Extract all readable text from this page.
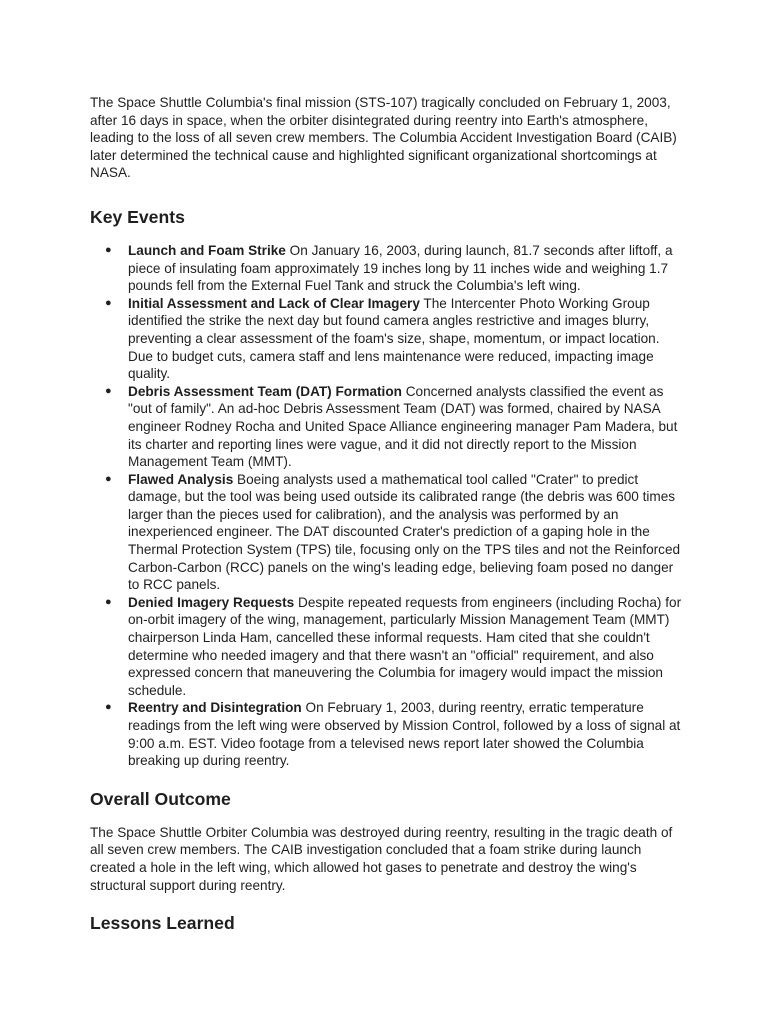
The Space Shuttle Columbia's final mission (STS-107) tragically concluded on February 1, 2003, after 16 days in space, when the orbiter disintegrated during reentry into Earth's atmosphere, leading to the loss of all seven crew members. The Columbia Accident Investigation Board (CAIB) later determined the technical cause and highlighted significant organizational shortcomings at NASA.

Key Events
● Launch and Foam Strike On January 16, 2003, during launch, 81.7 seconds after liftoff, a piece of insulating foam approximately 19 inches long by 11 inches wide and weighing 1.7 pounds fell from the External Fuel Tank and struck the Columbia's left wing.
● Initial Assessment and Lack of Clear Imagery The Intercenter Photo Working Group identified the strike the next day but found camera angles restrictive and images blurry, preventing a clear assessment of the foam's size, shape, momentum, or impact location. Due to budget cuts, camera staff and lens maintenance were reduced, impacting image quality.
● Debris Assessment Team (DAT) Formation Concerned analysts classified the event as "out of family". An ad-hoc Debris Assessment Team (DAT) was formed, chaired by NASA engineer Rodney Rocha and United Space Alliance engineering manager Pam Madera, but its charter and reporting lines were vague, and it did not directly report to the Mission Management Team (MMT).
● Flawed Analysis Boeing analysts used a mathematical tool called "Crater" to predict damage, but the tool was being used outside its calibrated range (the debris was 600 times larger than the pieces used for calibration), and the analysis was performed by an inexperienced engineer. The DAT discounted Crater's prediction of a gaping hole in the Thermal Protection System (TPS) tile, focusing only on the TPS tiles and not the Reinforced Carbon-Carbon (RCC) panels on the wing's leading edge, believing foam posed no danger to RCC panels.
● Denied Imagery Requests Despite repeated requests from engineers (including Rocha) for on-orbit imagery of the wing, management, particularly Mission Management Team (MMT) chairperson Linda Ham, cancelled these informal requests. Ham cited that she couldn't determine who needed imagery and that there wasn't an "official" requirement, and also expressed concern that maneuvering the Columbia for imagery would impact the mission schedule.
● Reentry and Disintegration On February 1, 2003, during reentry, erratic temperature readings from the left wing were observed by Mission Control, followed by a loss of signal at 9:00 a.m. EST. Video footage from a televised news report later showed the Columbia breaking up during reentry.
Overall Outcome

The Space Shuttle Orbiter Columbia was destroyed during reentry, resulting in the tragic death of all seven crew members. The CAIB investigation concluded that a foam strike during launch created a hole in the left wing, which allowed hot gases to penetrate and destroy the wing's structural support during reentry.

Lessons Learned
